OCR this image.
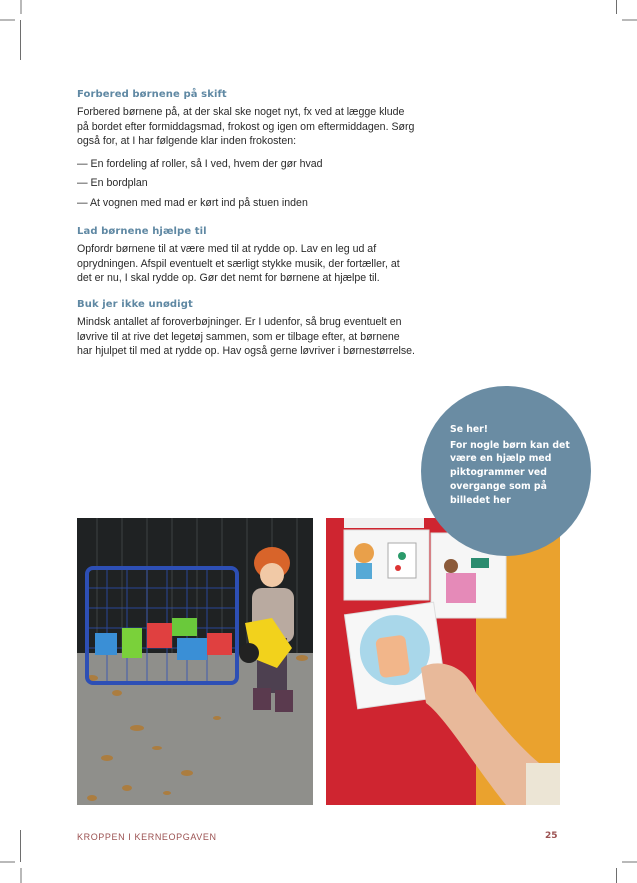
Forbered børnene på skift

Forbered børnene på, at der skal ske noget nyt, fx ved at lægge klude på bordet efter formiddagsmad, frokost og igen om eftermiddagen. Sørg også for, at I har følgende klar inden frokosten:

— En fordeling af roller, så I ved, hvem der gør hvad
— En bordplan
— At vognen med mad er kørt ind på stuen inden
Lad børnene hjælpe til

Opfordr børnene til at være med til at rydde op. Lav en leg ud af oprydningen. Afspil eventuelt et særligt stykke musik, der fortæller, at det er nu, I skal rydde op. Gør det nemt for børnene at hjælpe til.

Buk jer ikke unødigt

Mindsk antallet af foroverbøjninger. Er I udenfor, så brug eventuelt en løvrive til at rive det legetøj sammen, som er tilbage efter, at børnene har hjulpet til med at rydde op. Hav også gerne løvriver i børnestørrelse.

Se her!
For nogle børn kan det være en hjælp med piktogrammer ved overgange som på billedet her
KROPPEN I KERNEOPGAVEN	25
